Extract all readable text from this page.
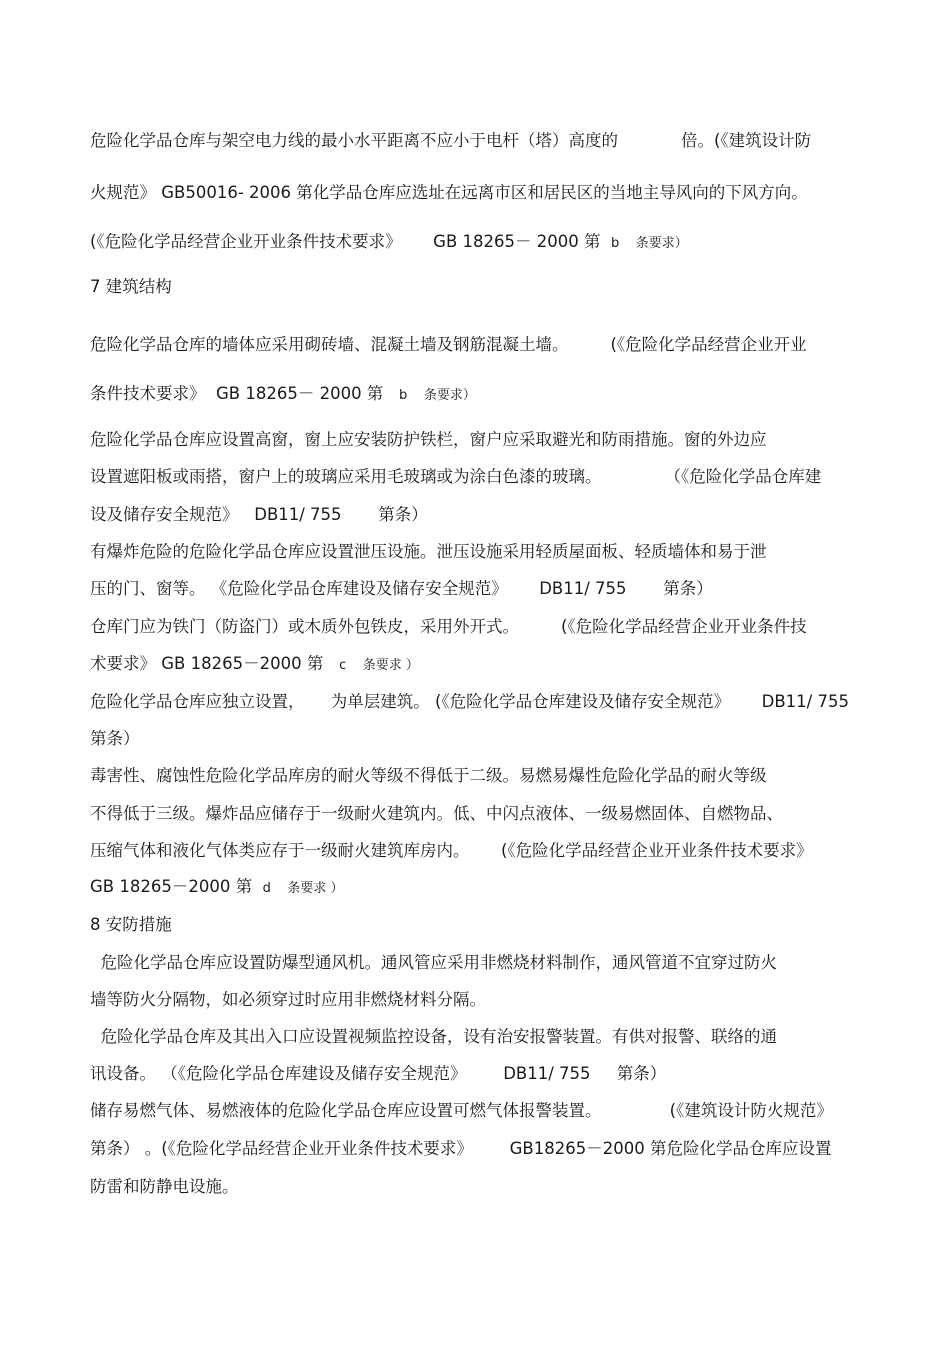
危险化学品仓库与架空电力线的最小水平距离不应小于电杆（塔）高度的            倍。(《建筑设计防
火规范》 GB50016- 2006 第化学品仓库应选址在远离市区和居民区的当地主导风向的下风方向。
(《危险化学品经营企业开业条件技术要求》      GB 18265－ 2000 第  b    条要求）
7 建筑结构
危险化学品仓库的墙体应采用砌砖墙、混凝土墙及钢筋混凝土墙。        (《危险化学品经营企业开业
条件技术要求》  GB 18265－ 2000 第   b    条要求）
危险化学品仓库应设置高窗，窗上应安装防护铁栏，窗户应采取避光和防雨措施。窗的外边应
设置遮阳板或雨搭，窗户上的玻璃应采用毛玻璃或为涂白色漆的玻璃。            （《危险化学品仓库建
设及储存安全规范》   DB11/ 755       第条）
有爆炸危险的危险化学品仓库应设置泄压设施。泄压设施采用轻质屋面板、轻质墙体和易于泄
压的门、窗等。 《危险化学品仓库建设及储存安全规范》      DB11/ 755       第条）
仓库门应为铁门（防盗门）或木质外包铁皮，采用外开式。        (《危险化学品经营企业开业条件技
术要求》 GB 18265－2000 第   c    条要求 ）
危险化学品仓库应独立设置，     为单层建筑。 (《危险化学品仓库建设及储存安全规范》      DB11/ 755
第条）
毒害性、腐蚀性危险化学品库房的耐火等级不得低于二级。易燃易爆性危险化学品的耐火等级
不得低于三级。爆炸品应储存于一级耐火建筑内。低、中闪点液体、一级易燃固体、自燃物品、
压缩气体和液化气体类应存于一级耐火建筑库房内。      (《危险化学品经营企业开业条件技术要求》
GB 18265－2000 第  d    条要求 ）
8 安防措施
危险化学品仓库应设置防爆型通风机。通风管应采用非燃烧材料制作，通风管道不宜穿过防火
墙等防火分隔物，如必须穿过时应用非燃烧材料分隔。
危险化学品仓库及其出入口应设置视频监控设备，设有治安报警装置。有供对报警、联络的通
讯设备。 （《危险化学品仓库建设及储存安全规范》       DB11/ 755     第条）
储存易燃气体、易燃液体的危险化学品仓库应设置可燃气体报警装置。             (《建筑设计防火规范》
第条） 。(《危险化学品经营企业开业条件技术要求》       GB18265－2000 第危险化学品仓库应设置
防雷和防静电设施。
